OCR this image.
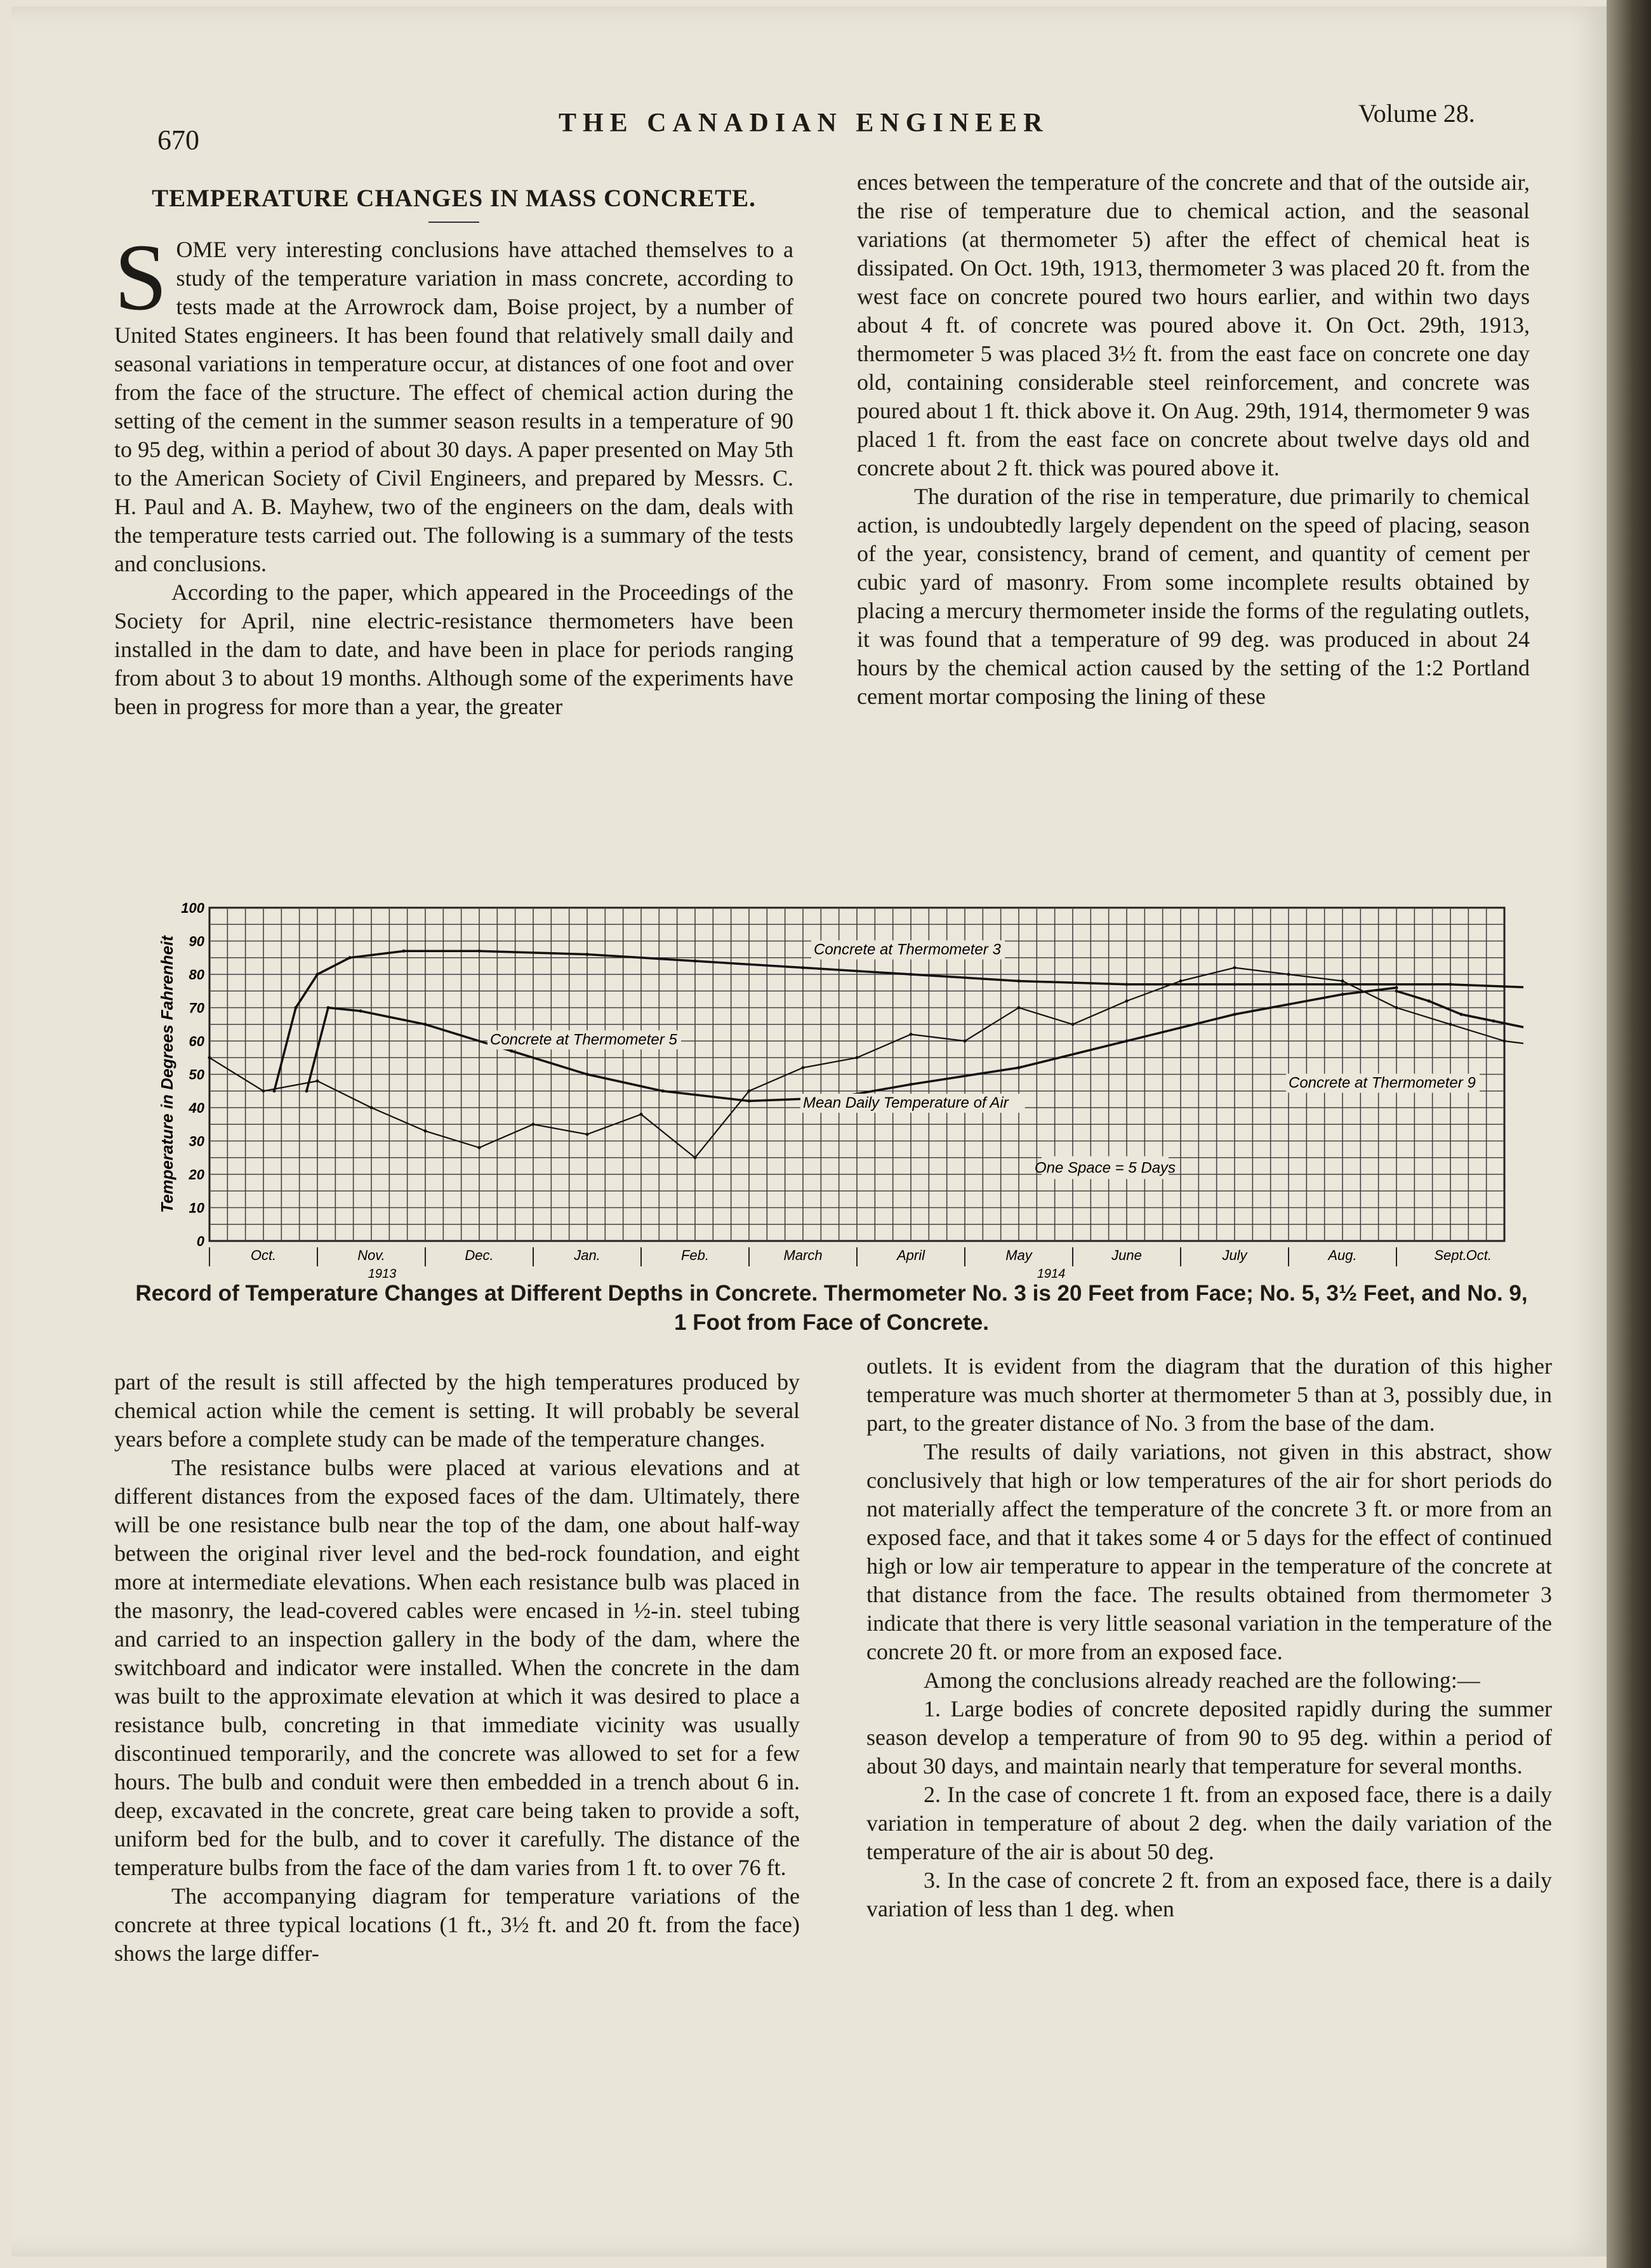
670
THE CANADIAN ENGINEER	Volume 28.
TEMPERATURE CHANGES IN MASS CONCRETE.

SOME very interesting conclusions have attached themselves to a study of the temperature variation in mass concrete, according to tests made at the Arrowrock dam, Boise project, by a number of United States engineers. It has been found that relatively small daily and seasonal variations in temperature occur, at distances of one foot and over from the face of the structure. The effect of chemical action during the setting of the cement in the summer season results in a temperature of 90 to 95 deg, within a period of about 30 days. A paper presented on May 5th to the American Society of Civil Engineers, and prepared by Messrs. C. H. Paul and A. B. Mayhew, two of the engineers on the dam, deals with the temperature tests carried out. The following is a summary of the tests and conclusions.

According to the paper, which appeared in the Proceedings of the Society for April, nine electric-resistance thermometers have been installed in the dam to date, and have been in place for periods ranging from about 3 to about 19 months. Although some of the experiments have been in progress for more than a year, the greater

ences between the temperature of the concrete and that of the outside air, the rise of temperature due to chemical action, and the seasonal variations (at thermometer 5) after the effect of chemical heat is dissipated. On Oct. 19th, 1913, thermometer 3 was placed 20 ft. from the west face on concrete poured two hours earlier, and within two days about 4 ft. of concrete was poured above it. On Oct. 29th, 1913, thermometer 5 was placed 3½ ft. from the east face on concrete one day old, containing considerable steel reinforcement, and concrete was poured about 1 ft. thick above it. On Aug. 29th, 1914, thermometer 9 was placed 1 ft. from the east face on concrete about twelve days old and concrete about 2 ft. thick was poured above it.

The duration of the rise in temperature, due primarily to chemical action, is undoubtedly largely dependent on the speed of placing, season of the year, consistency, brand of cement, and quantity of cement per cubic yard of masonry. From some incomplete results obtained by placing a mercury thermometer inside the forms of the regulating outlets, it was found that a temperature of 99 deg. was produced in about 24 hours by the chemical action caused by the setting of the 1:2 Portland cement mortar composing the lining of these

0
10
20
30
40
50
60
70
80
90
100
Temperature in Degrees Fahrenheit
Oct.	Nov.	Dec.	Jan.	Feb.	March	April	May	June	July	Aug.	Sept.
Oct.
1913	1914
One Space = 5 Days
Concrete at Thermometer 3
Concrete at Thermometer 5
Mean Daily Temperature of Air
Concrete at Thermometer 9
Record of Temperature Changes at Different Depths in Concrete. Thermometer No. 3 is 20 Feet from Face; No. 5, 3½ Feet, and No. 9, 1 Foot from Face of Concrete.

part of the result is still affected by the high temperatures produced by chemical action while the cement is setting. It will probably be several years before a complete study can be made of the temperature changes.

The resistance bulbs were placed at various elevations and at different distances from the exposed faces of the dam. Ultimately, there will be one resistance bulb near the top of the dam, one about half-way between the original river level and the bed-rock foundation, and eight more at intermediate elevations. When each resistance bulb was placed in the masonry, the lead-covered cables were encased in ½-in. steel tubing and carried to an inspection gallery in the body of the dam, where the switchboard and indicator were installed. When the concrete in the dam was built to the approximate elevation at which it was desired to place a resistance bulb, concreting in that immediate vicinity was usually discontinued temporarily, and the concrete was allowed to set for a few hours. The bulb and conduit were then embedded in a trench about 6 in. deep, excavated in the concrete, great care being taken to provide a soft, uniform bed for the bulb, and to cover it carefully. The distance of the temperature bulbs from the face of the dam varies from 1 ft. to over 76 ft.

The accompanying diagram for temperature variations of the concrete at three typical locations (1 ft., 3½ ft. and 20 ft. from the face) shows the large differ-

outlets. It is evident from the diagram that the duration of this higher temperature was much shorter at thermometer 5 than at 3, possibly due, in part, to the greater distance of No. 3 from the base of the dam.

The results of daily variations, not given in this abstract, show conclusively that high or low temperatures of the air for short periods do not materially affect the temperature of the concrete 3 ft. or more from an exposed face, and that it takes some 4 or 5 days for the effect of continued high or low air temperature to appear in the temperature of the concrete at that distance from the face. The results obtained from thermometer 3 indicate that there is very little seasonal variation in the temperature of the concrete 20 ft. or more from an exposed face.

Among the conclusions already reached are the following:—

1. Large bodies of concrete deposited rapidly during the summer season develop a temperature of from 90 to 95 deg. within a period of about 30 days, and maintain nearly that temperature for several months.

2. In the case of concrete 1 ft. from an exposed face, there is a daily variation in temperature of about 2 deg. when the daily variation of the temperature of the air is about 50 deg.

3. In the case of concrete 2 ft. from an exposed face, there is a daily variation of less than 1 deg. when
